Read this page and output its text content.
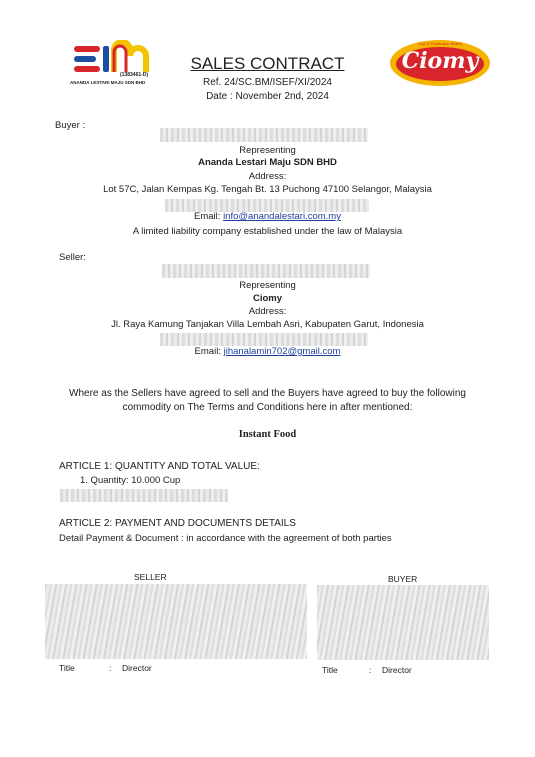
(1383461-D)
ANANDA LESTARI MAJU SDN BHD
SALES CONTRACT
Ref. 24/SC.BM/ISEF/XI/2024
Date : November 2nd, 2024
Ciomy
Cup & Production Brand
Buyer :
Representing
Ananda Lestari Maju SDN BHD
Address:
Lot 57C, Jalan Kempas Kg. Tengah Bt. 13 Puchong 47100 Selangor, Malaysia
Email: info@anandalestari.com.my
A limited liability company established under the law of Malaysia
Seller:
Representing
Ciomy
Address:
Jl. Raya Kamung Tanjakan Villa Lembah Asri, Kabupaten Garut, Indonesia
Email: jihanalamin702@gmail.com
Where as the Sellers have agreed to sell and the Buyers have agreed to buy the following
commodity on The Terms and Conditions here in after mentioned:
Instant Food
ARTICLE 1: QUANTITY AND TOTAL VALUE:
1. Quantity: 10.000 Cup
ARTICLE 2: PAYMENT AND DOCUMENTS DETAILS
Detail Payment & Document : in accordance with the agreement of both parties
SELLER	BUYER
Title	: Director	Title	: Director
